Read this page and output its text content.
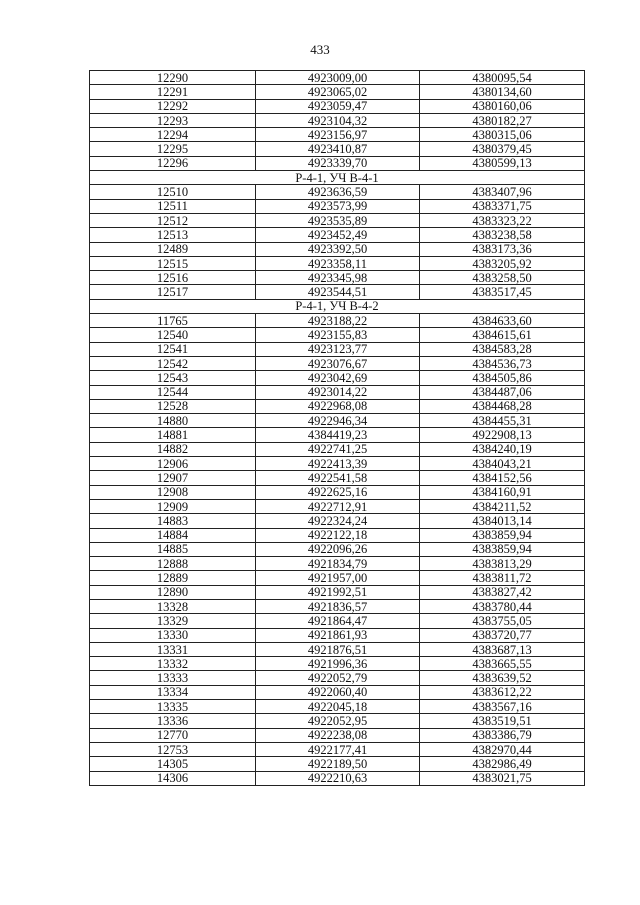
433
12290	4923009,00	4380095,54
12291	4923065,02	4380134,60
12292	4923059,47	4380160,06
12293	4923104,32	4380182,27
12294	4923156,97	4380315,06
12295	4923410,87	4380379,45
12296	4923339,70	4380599,13
Р-4-1, УЧ В-4-1		
12510	4923636,59	4383407,96
12511	4923573,99	4383371,75
12512	4923535,89	4383323,22
12513	4923452,49	4383238,58
12489	4923392,50	4383173,36
12515	4923358,11	4383205,92
12516	4923345,98	4383258,50
12517	4923544,51	4383517,45
Р-4-1, УЧ В-4-2		
11765	4923188,22	4384633,60
12540	4923155,83	4384615,61
12541	4923123,77	4384583,28
12542	4923076,67	4384536,73
12543	4923042,69	4384505,86
12544	4923014,22	4384487,06
12528	4922968,08	4384468,28
14880	4922946,34	4384455,31
14881	4384419,23	4922908,13
14882	4922741,25	4384240,19
12906	4922413,39	4384043,21
12907	4922541,58	4384152,56
12908	4922625,16	4384160,91
12909	4922712,91	4384211,52
14883	4922324,24	4384013,14
14884	4922122,18	4383859,94
14885	4922096,26	4383859,94
12888	4921834,79	4383813,29
12889	4921957,00	4383811,72
12890	4921992,51	4383827,42
13328	4921836,57	4383780,44
13329	4921864,47	4383755,05
13330	4921861,93	4383720,77
13331	4921876,51	4383687,13
13332	4921996,36	4383665,55
13333	4922052,79	4383639,52
13334	4922060,40	4383612,22
13335	4922045,18	4383567,16
13336	4922052,95	4383519,51
12770	4922238,08	4383386,79
12753	4922177,41	4382970,44
14305	4922189,50	4382986,49
14306	4922210,63	4383021,75
